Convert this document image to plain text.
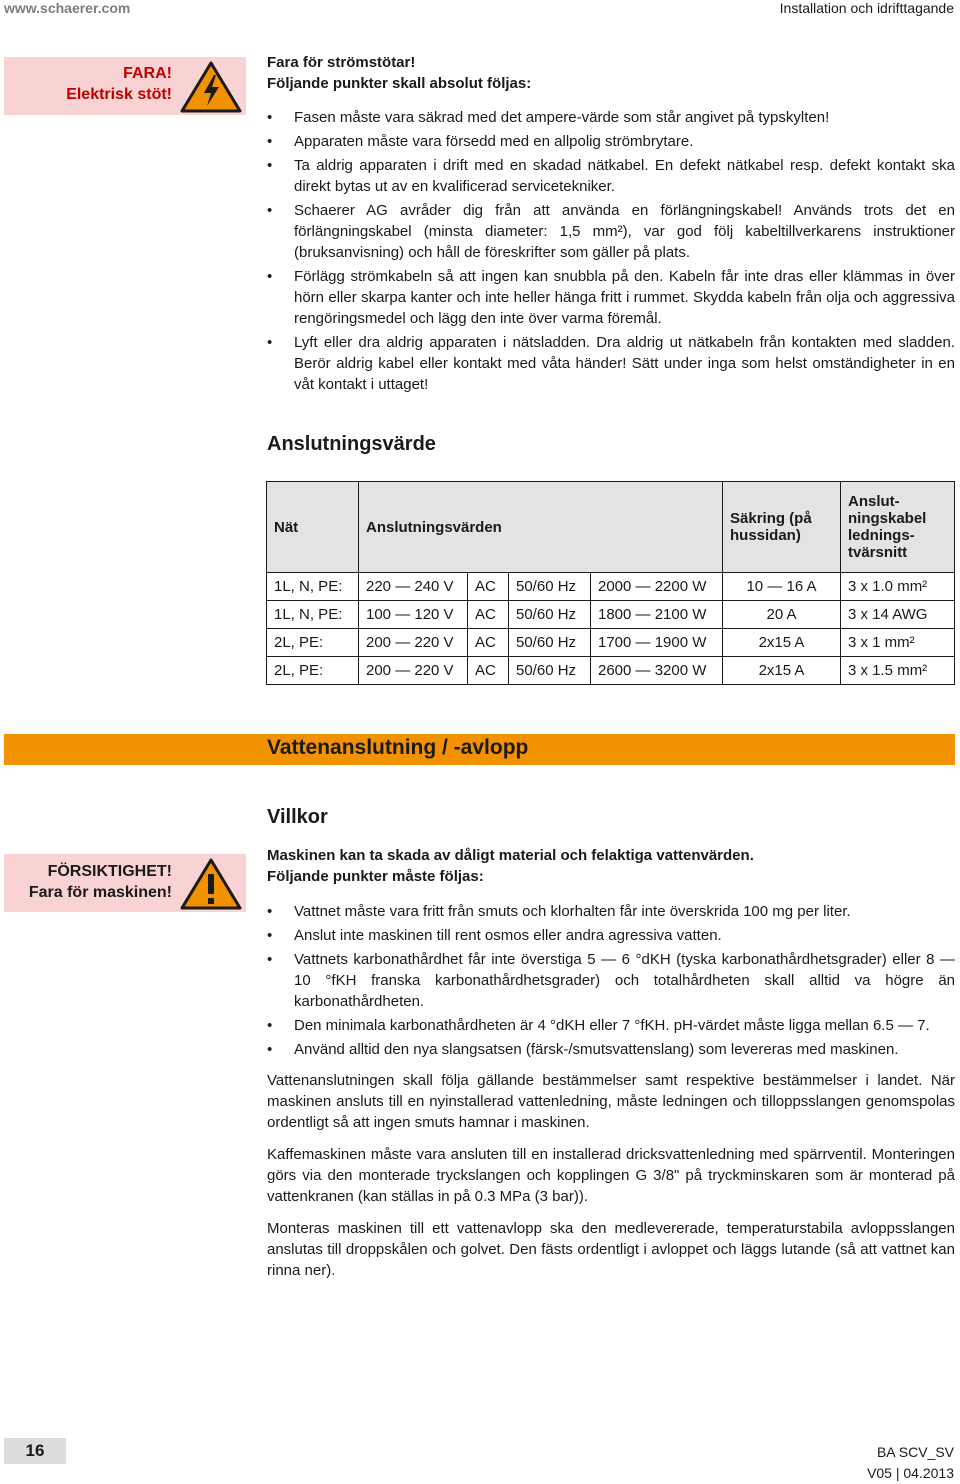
www.schaerer.com	Installation och idrifttagande
FARA!
Elektrisk stöt!
Fara för strömstötar!
Följande punkter skall absolut följas:
• Fasen måste vara säkrad med det ampere-värde som står angivet på typskylten!
• Apparaten måste vara försedd med en allpolig strömbrytare.
• Ta aldrig apparaten i drift med en skadad nätkabel. En defekt nätkabel resp. defekt kontakt ska direkt bytas ut av en kvalificerad servicetekniker.
• Schaerer AG avråder dig från att använda en förlängningskabel! Används trots det en förlängningskabel (minsta diameter: 1,5 mm²), var god följ kabeltillverkarens instruktioner (bruksanvisning) och håll de föreskrifter som gäller på plats.
• Förlägg strömkabeln så att ingen kan snubbla på den. Kabeln får inte dras eller klämmas in över hörn eller skarpa kanter och inte heller hänga fritt i rummet. Skydda kabeln från olja och aggressiva rengöringsmedel och lägg den inte över varma föremål.
• Lyft eller dra aldrig apparaten i nätsladden. Dra aldrig ut nätkabeln från kontakten med sladden. Berör aldrig kabel eller kontakt med våta händer! Sätt under inga som helst omständigheter in en våt kontakt i uttaget!
Anslutningsvärde
Nät	Anslutningsvärden				Säkring (på hussidan)	Anslut-ningskabel lednings-tvärsnitt
1L, N, PE:	220 — 240 V	AC	50/60 Hz	2000 — 2200 W	10 — 16 A	3 x 1.0 mm²
1L, N, PE:	100 — 120 V	AC	50/60 Hz	1800 — 2100 W	20 A	3 x 14 AWG
2L, PE:	200 — 220 V	AC	50/60 Hz	1700 — 1900 W	2x15 A	3 x 1 mm²
2L, PE:	200 — 220 V	AC	50/60 Hz	2600 — 3200 W	2x15 A	3 x 1.5 mm²
Vattenanslutning / -avlopp
Villkor
FÖRSIKTIGHET!
Fara för maskinen!
Maskinen kan ta skada av dåligt material och felaktiga vattenvärden.
Följande punkter måste följas:
• Vattnet måste vara fritt från smuts och klorhalten får inte överskrida 100 mg per liter.
• Anslut inte maskinen till rent osmos eller andra agressiva vatten.
• Vattnets karbonathårdhet får inte överstiga 5 — 6 °dKH (tyska karbonathårdhetsgrader) eller 8 — 10 °fKH franska karbonathårdhetsgrader) och totalhårdheten skall alltid va högre än karbonathårdheten.
• Den minimala karbonathårdheten är 4 °dKH eller 7 °fKH. pH-värdet måste ligga mellan 6.5 — 7.
• Använd alltid den nya slangsatsen (färsk-/smutsvattenslang) som levereras med maskinen.

Vattenanslutningen skall följa gällande bestämmelser samt respektive bestämmelser i landet. När maskinen ansluts till en nyinstallerad vattenledning, måste ledningen och tilloppsslangen genomspolas ordentligt så att ingen smuts hamnar i maskinen.

Kaffemaskinen måste vara ansluten till en installerad dricksvattenledning med spärrventil. Monteringen görs via den monterade tryckslangen och kopplingen G 3/8" på tryckminskaren som är monterad på vattenkranen (kan ställas in på 0.3 MPa (3 bar)).

Monteras maskinen till ett vattenavlopp ska den medlevererade, temperaturstabila avloppsslangen anslutas till droppskålen och golvet. Den fästs ordentligt i avloppet och läggs lutande (så att vattnet kan rinna ner).

16	BA SCV_SV
V05 | 04.2013
